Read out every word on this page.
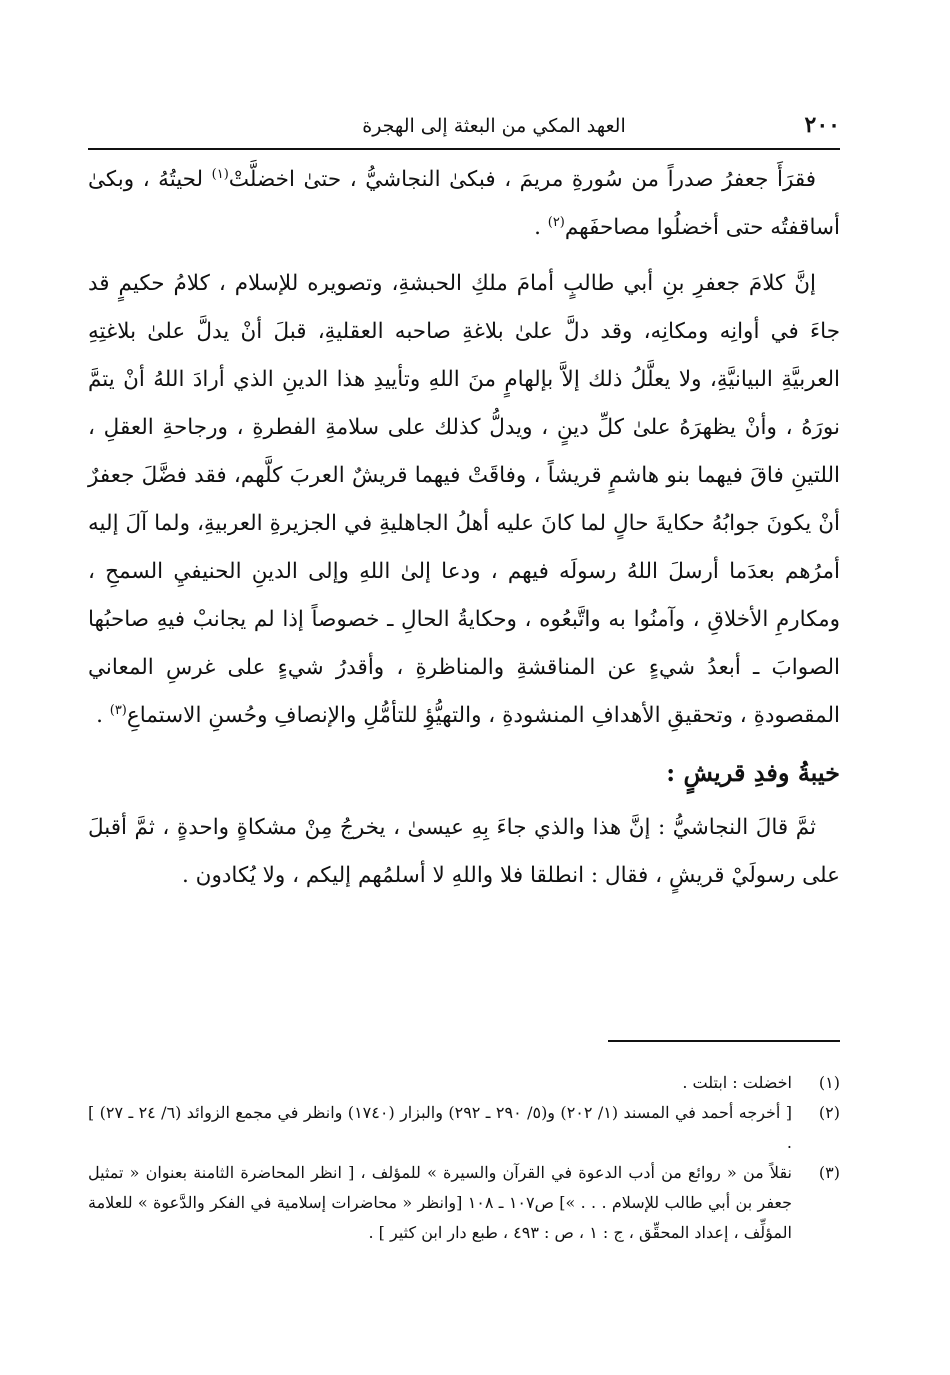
٢٠٠
العهد المكي من البعثة إلى الهجرة

فقرَأَ جعفرُ صدراً من سُورةِ مريمَ ، فبكىٰ النجاشيُّ ، حتىٰ اخضلَّتْ$^{(١)}$ لحيتُهُ ، وبكىٰ أساقفتُه حتى أخضلُوا مصاحفَهم$^{(٢)}$ .

إنَّ كلامَ جعفرِ بنِ أبي طالبٍ أمامَ ملكِ الحبشةِ، وتصويره للإسلام ، كلامُ حكيمٍ قد جاءَ في أوانِه ومكانِه، وقد دلَّ علىٰ بلاغةِ صاحبه العقليةِ، قبلَ أنْ يدلَّ علىٰ بلاغتِهِ العربيَّةِ البيانيَّةِ، ولا يعلَّلُ ذلك إلاَّ بإلهامٍ منَ اللهِ وتأييدِ هذا الدينِ الذي أرادَ اللهُ أنْ يتمَّ نورَهُ ، وأنْ يظهرَهُ علىٰ كلِّ دينٍ ، ويدلُّ كذلك على سلامةِ الفطرةِ ، ورجاحةِ العقلِ ، اللتينِ فاقَ فيهما بنو هاشمٍ قريشاً ، وفاقَتْ فيهما قريشٌ العربَ كلَّهم، فقد فضَّلَ جعفرٌ أنْ يكونَ جوابُهُ حكايةَ حالٍ لما كانَ عليه أهلُ الجاهليةِ في الجزيرةِ العربيةِ، ولما آلَ إليه أمرُهم بعدَما أرسلَ اللهُ رسولَه فيهم ، ودعا إلىٰ اللهِ وإلى الدينِ الحنيفيِ السمحِ ، ومكارمِ الأخلاقِ ، وآمنُوا به واتَّبعُوه ، وحكايةُ الحالِ ـ خصوصاً إذا لم يجانبْ فيهِ صاحبُها الصوابَ ـ أبعدُ شيءٍ عن المناقشةِ والمناظرةِ ، وأقدرُ شيءٍ على غرسِ المعاني المقصودةِ ، وتحقيقِ الأهدافِ المنشودةِ ، والتهيُّؤِ للتأمُّلِ والإنصافِ وحُسنِ الاستماعِ$^{(٣)}$ .

خيبةُ وفدِ قريشٍ :

ثمَّ قالَ النجاشيُّ : إنَّ هذا والذي جاءَ بِهِ عيسىٰ ، يخرجُ مِنْ مشكاةٍ واحدةٍ ، ثمَّ أقبلَ على رسولَيْ قريشٍ ، فقال : انطلقا فلا واللهِ لا أسلمُهم إليكم ، ولا يُكادون .

(١)
اخضلت : ابتلت .
(٢)
[ أخرجه أحمد في المسند (١/ ٢٠٢) و(٥/ ٢٩٠ ـ ٢٩٢) والبزار (١٧٤٠) وانظر في مجمع الزوائد (٦/ ٢٤ ـ ٢٧) ] .
(٣)
نقلاً من « روائع من أدب الدعوة في القرآن والسيرة » للمؤلف ، [ انظر المحاضرة الثامنة بعنوان « تمثيل جعفر بن أبي طالب للإسلام . . . »] ص١٠٧ ـ ١٠٨ [وانظر « محاضرات إسلامية في الفكر والدَّعوة » للعلامة المؤلِّف ، إعداد المحقِّق ، ج : ١ ، ص : ٤٩٣ ، طبع دار ابن كثير ] .
